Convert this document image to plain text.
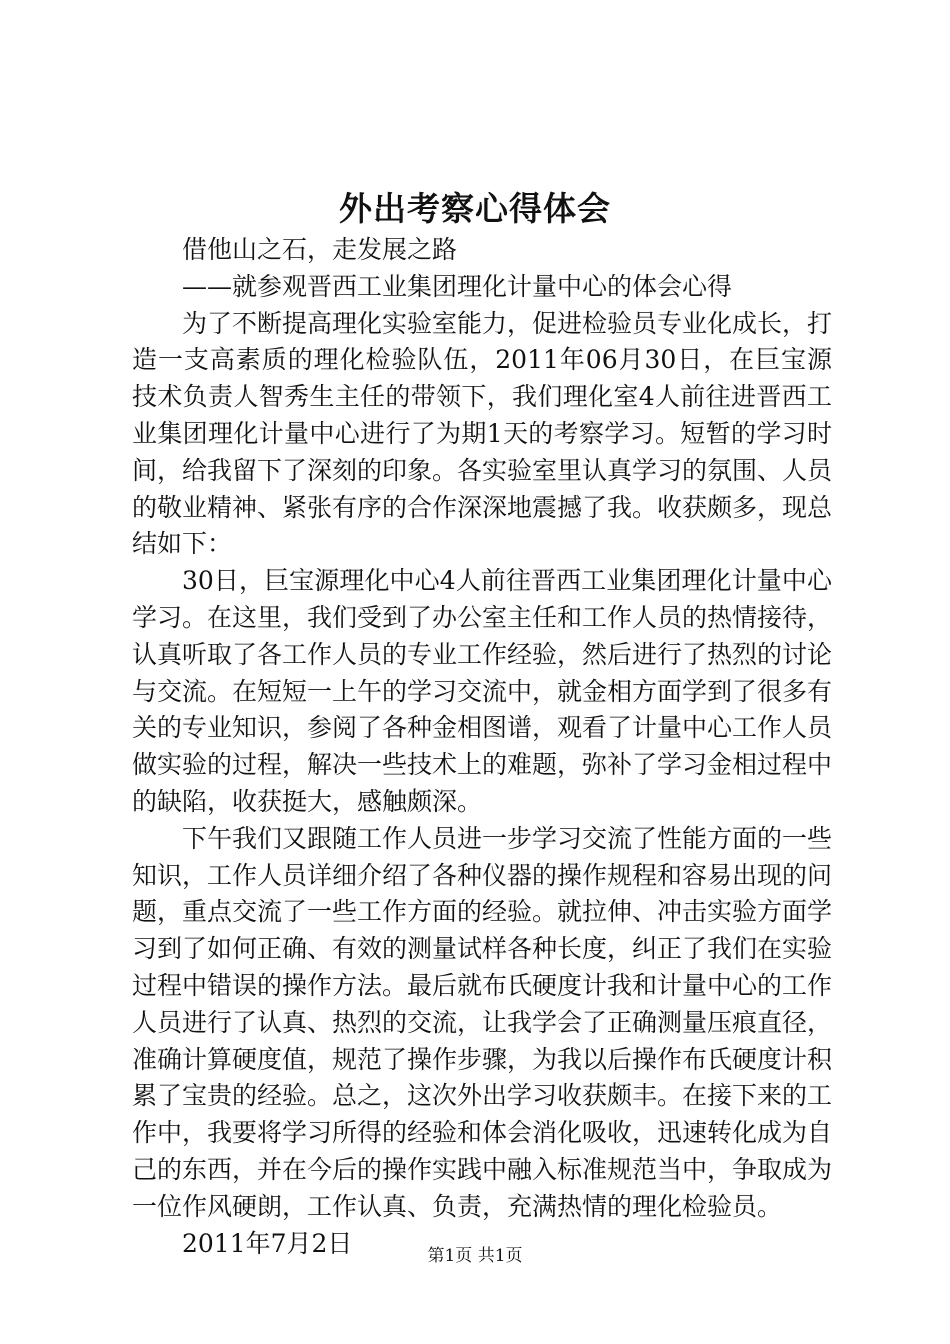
外出考察心得体会

借他山之石，走发展之路

——就参观晋西工业集团理化计量中心的体会心得

为了不断提高理化实验室能力，促进检验员专业化成长，打造一支高素质的理化检验队伍，2011年06月30日，在巨宝源技术负责人智秀生主任的带领下，我们理化室4人前往进晋西工业集团理化计量中心进行了为期1天的考察学习。短暂的学习时间，给我留下了深刻的印象。各实验室里认真学习的氛围、人员的敬业精神、紧张有序的合作深深地震撼了我。收获颇多，现总结如下：

30日，巨宝源理化中心4人前往晋西工业集团理化计量中心学习。在这里，我们受到了办公室主任和工作人员的热情接待，认真听取了各工作人员的专业工作经验，然后进行了热烈的讨论与交流。在短短一上午的学习交流中，就金相方面学到了很多有关的专业知识，参阅了各种金相图谱，观看了计量中心工作人员做实验的过程，解决一些技术上的难题，弥补了学习金相过程中的缺陷，收获挺大，感触颇深。

下午我们又跟随工作人员进一步学习交流了性能方面的一些知识，工作人员详细介绍了各种仪器的操作规程和容易出现的问题，重点交流了一些工作方面的经验。就拉伸、冲击实验方面学习到了如何正确、有效的测量试样各种长度，纠正了我们在实验过程中错误的操作方法。最后就布氏硬度计我和计量中心的工作人员进行了认真、热烈的交流，让我学会了正确测量压痕直径，准确计算硬度值，规范了操作步骤，为我以后操作布氏硬度计积累了宝贵的经验。总之，这次外出学习收获颇丰。在接下来的工作中，我要将学习所得的经验和体会消化吸收，迅速转化成为自己的东西，并在今后的操作实践中融入标准规范当中，争取成为一位作风硬朗，工作认真、负责，充满热情的理化检验员。

2011年7月2日	第1页 共1页
